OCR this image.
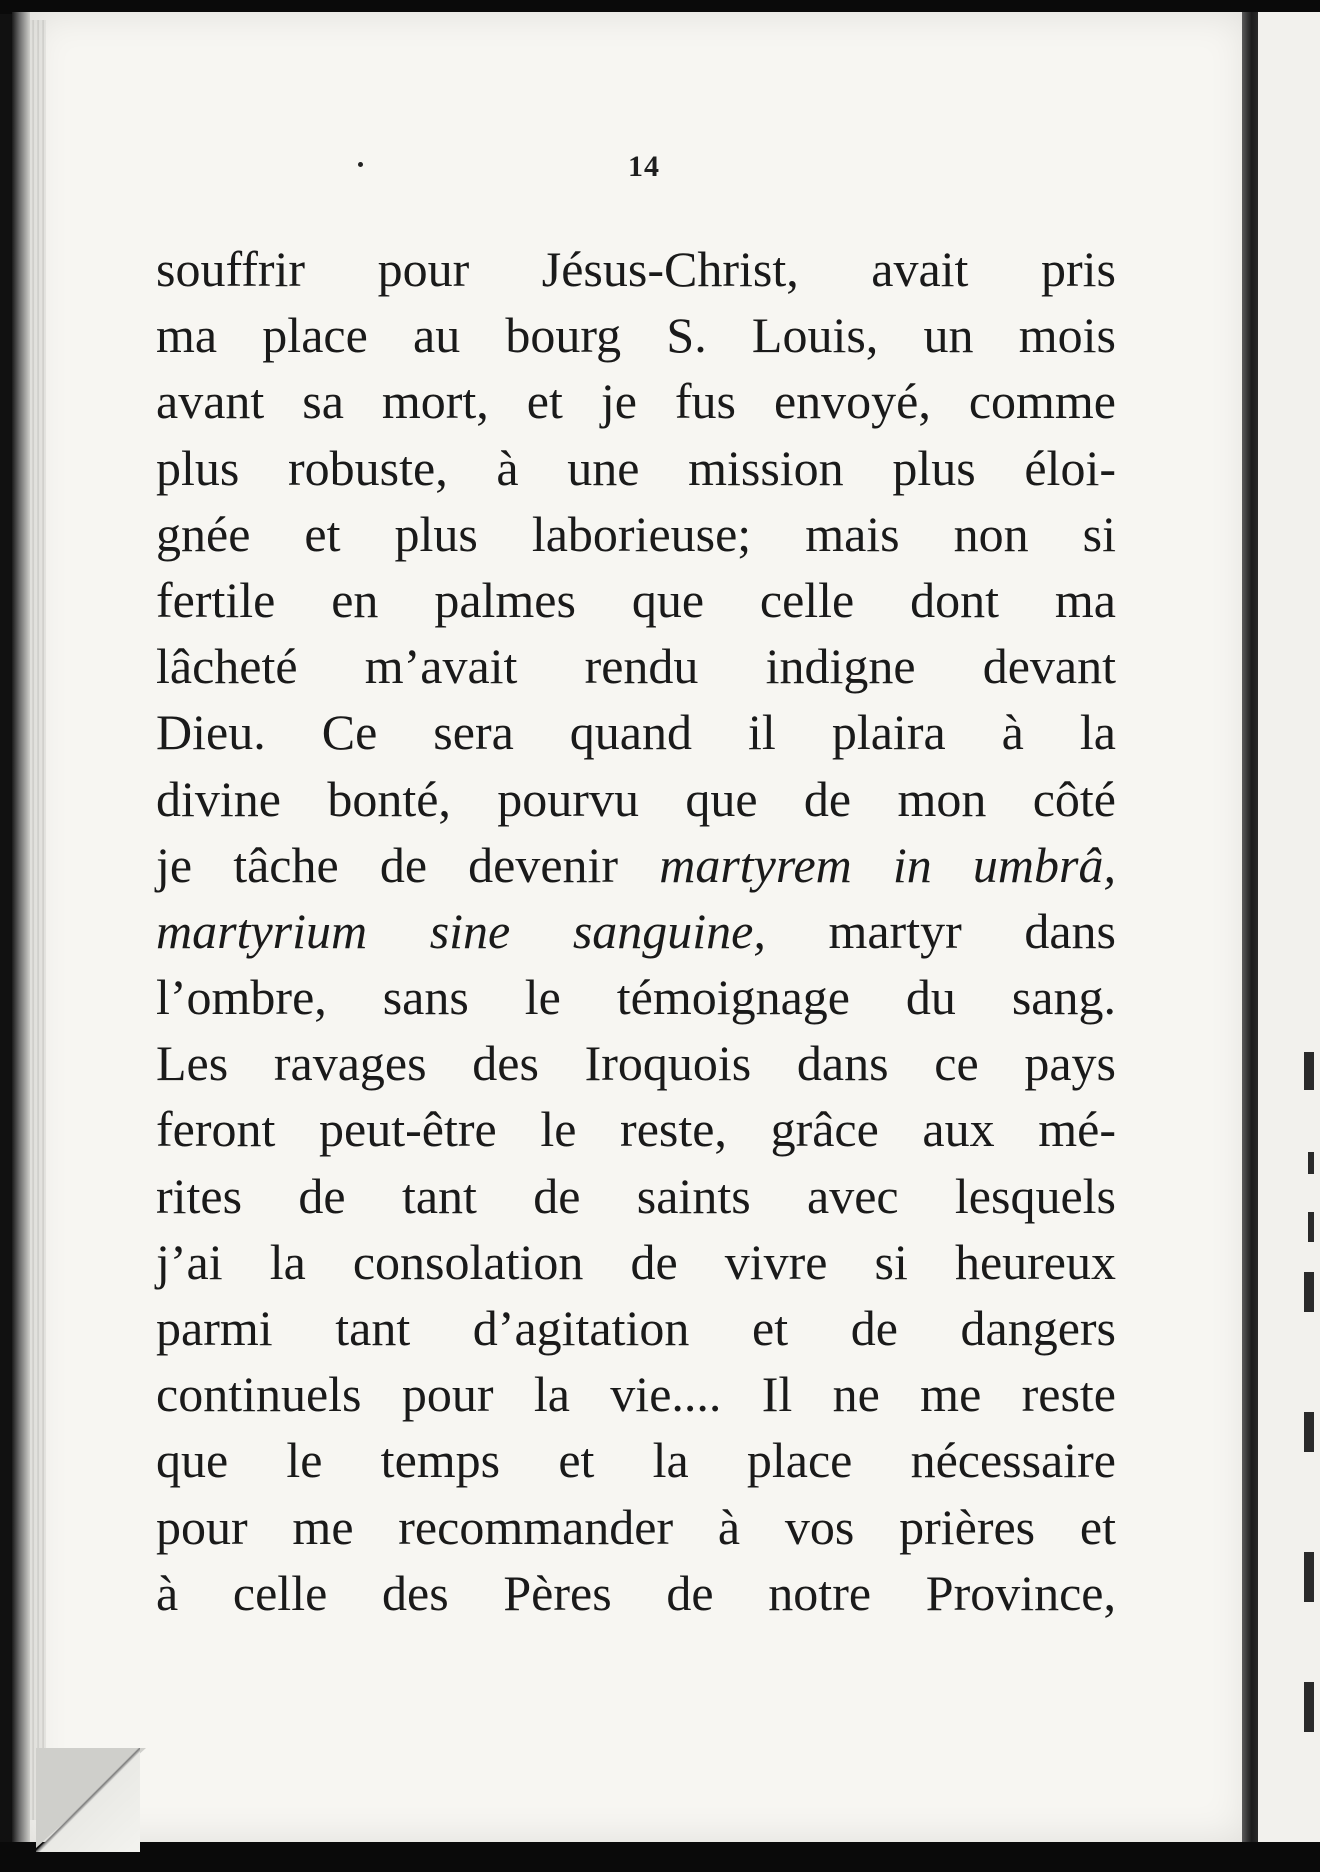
14
souffrir pour Jésus-Christ, avait pris
ma place au bourg S. Louis, un mois
avant sa mort, et je fus envoyé, comme
plus robuste, à une mission plus éloi-
gnée et plus laborieuse; mais non si
fertile en palmes que celle dont ma
lâcheté m’avait rendu indigne devant
Dieu. Ce sera quand il plaira à la
divine bonté, pourvu que de mon côté
je tâche de devenir martyrem in umbrâ,
martyrium sine sanguine, martyr dans
l’ombre, sans le témoignage du sang.
Les ravages des Iroquois dans ce pays
feront peut-être le reste, grâce aux mé-
rites de tant de saints avec lesquels
j’ai la consolation de vivre si heureux
parmi tant d’agitation et de dangers
continuels pour la vie.... Il ne me reste
que le temps et la place nécessaire
pour me recommander à vos prières et
à celle des Pères de notre Province,
